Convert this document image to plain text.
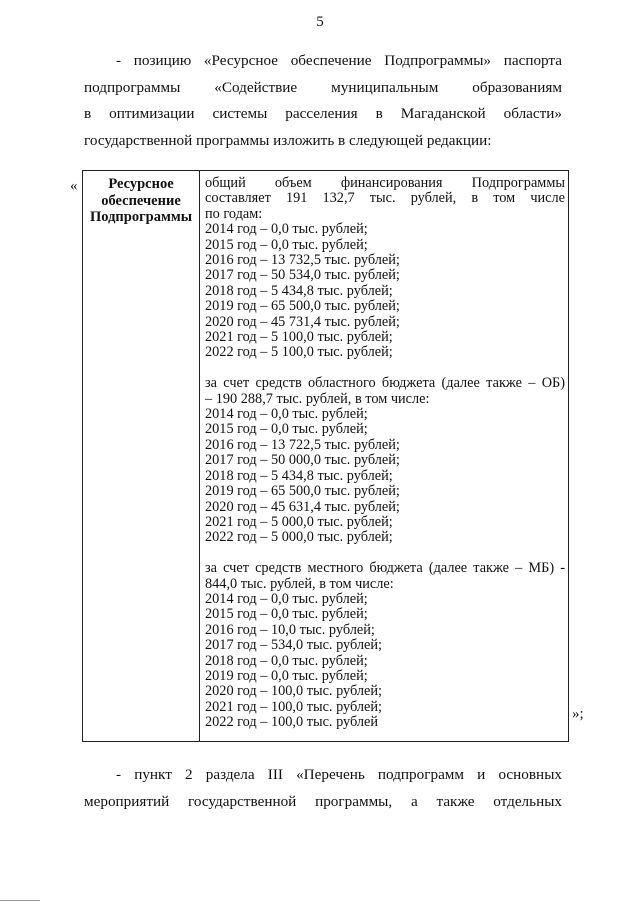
5
- позицию «Ресурсное обеспечение Подпрограммы» паспорта
подпрограммы «Содействие муниципальным образованиям
в оптимизации системы расселения в Магаданской области»
государственной программы изложить в следующей редакции:
«	Ресурсное
обеспечение
Подпрограммы
общий объем финансирования Подпрограммы
составляет 191 132,7 тыс. рублей, в том числе
по годам:
2014 год – 0,0 тыс. рублей;
2015 год – 0,0 тыс. рублей;
2016 год – 13 732,5 тыс. рублей;
2017 год – 50 534,0 тыс. рублей;
2018 год – 5 434,8 тыс. рублей;
2019 год – 65 500,0 тыс. рублей;
2020 год – 45 731,4 тыс. рублей;
2021 год – 5 100,0 тыс. рублей;
2022 год – 5 100,0 тыс. рублей;
за счет средств областного бюджета (далее также – ОБ)
– 190 288,7 тыс. рублей, в том числе:
2014 год – 0,0 тыс. рублей;
2015 год – 0,0 тыс. рублей;
2016 год – 13 722,5 тыс. рублей;
2017 год – 50 000,0 тыс. рублей;
2018 год – 5 434,8 тыс. рублей;
2019 год – 65 500,0 тыс. рублей;
2020 год – 45 631,4 тыс. рублей;
2021 год – 5 000,0 тыс. рублей;
2022 год – 5 000,0 тыс. рублей;
за счет средств местного бюджета (далее также – МБ) -
844,0 тыс. рублей, в том числе:
2014 год – 0,0 тыс. рублей;
2015 год – 0,0 тыс. рублей;
2016 год – 10,0 тыс. рублей;
2017 год – 534,0 тыс. рублей;
2018 год – 0,0 тыс. рублей;
2019 год – 0,0 тыс. рублей;
2020 год – 100,0 тыс. рублей;
2021 год – 100,0 тыс. рублей;
2022 год – 100,0 тыс. рублей
»;
- пункт 2 раздела III «Перечень подпрограмм и основных
мероприятий государственной программы, а также отдельных
